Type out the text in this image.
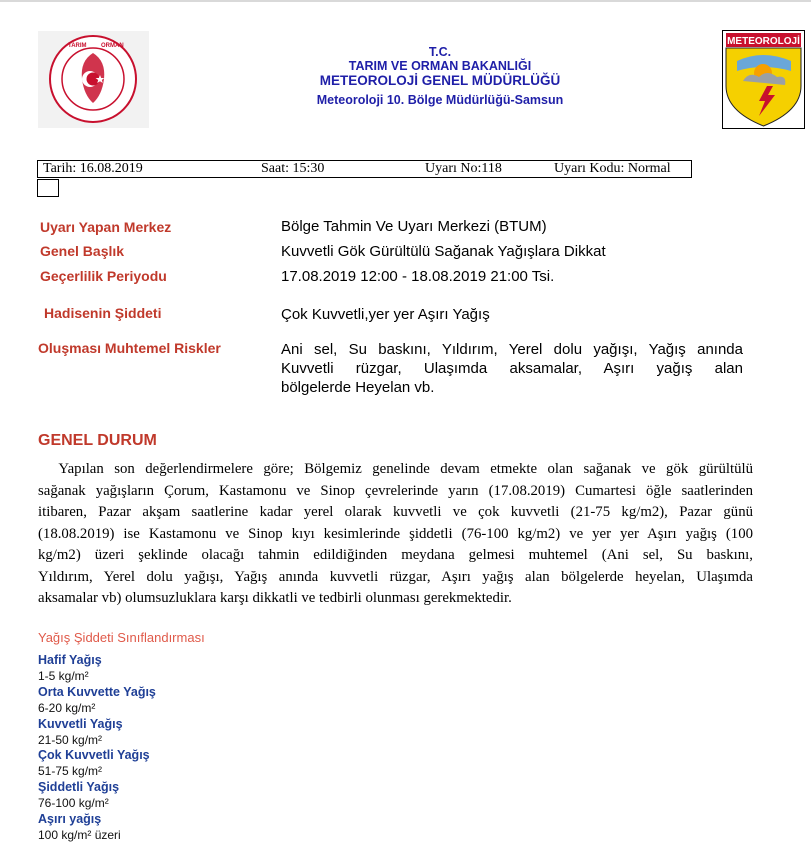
TARIM ORMAN	T.C.
TARIM VE ORMAN BAKANLIĞI
METEOROLOJİ GENEL MÜDÜRLÜĞÜ
Meteoroloji 10. Bölge Müdürlüğü-Samsun
METEOROLOJİ
Tarih: 16.08.2019	Saat: 15:30	Uyarı No:118	Uyarı Kodu: Normal
Uyarı Yapan Merkez	Bölge Tahmin Ve Uyarı Merkezi (BTUM)
Genel Başlık	Kuvvetli Gök Gürültülü Sağanak Yağışlara Dikkat
Geçerlilik Periyodu	17.08.2019 12:00 - 18.08.2019 21:00 Tsi.
Hadisenin Şiddeti	Çok Kuvvetli,yer yer Aşırı Yağış
Oluşması Muhtemel Riskler	Ani sel, Su baskını, Yıldırım, Yerel dolu yağışı, Yağış anında
Kuvvetli rüzgar, Ulaşımda aksamalar, Aşırı yağış alan
bölgelerde Heyelan vb.
GENEL DURUM
Yapılan son değerlendirmelere göre; Bölgemiz genelinde devam etmekte olan sağanak ve gök gürültülü
sağanak yağışların Çorum, Kastamonu ve Sinop çevrelerinde yarın (17.08.2019) Cumartesi öğle saatlerinden
itibaren, Pazar akşam saatlerine kadar yerel olarak kuvvetli ve çok kuvvetli (21-75 kg/m2), Pazar günü
(18.08.2019) ise Kastamonu ve Sinop kıyı kesimlerinde şiddetli (76-100 kg/m2) ve yer yer Aşırı yağış (100
kg/m2) üzeri şeklinde olacağı tahmin edildiğinden meydana gelmesi muhtemel (Ani sel, Su baskını,
Yıldırım, Yerel dolu yağışı, Yağış anında kuvvetli rüzgar, Aşırı yağış alan bölgelerde heyelan, Ulaşımda
aksamalar vb) olumsuzluklara karşı dikkatli ve tedbirli olunması gerekmektedir.
Yağış Şiddeti Sınıflandırması
Hafif Yağış
1-5 kg/m²
Orta Kuvvette Yağış
6-20 kg/m²
Kuvvetli Yağış
21-50 kg/m²
Çok Kuvvetli Yağış
51-75 kg/m²
Şiddetli Yağış
76-100 kg/m²
Aşırı yağış
100 kg/m² üzeri
